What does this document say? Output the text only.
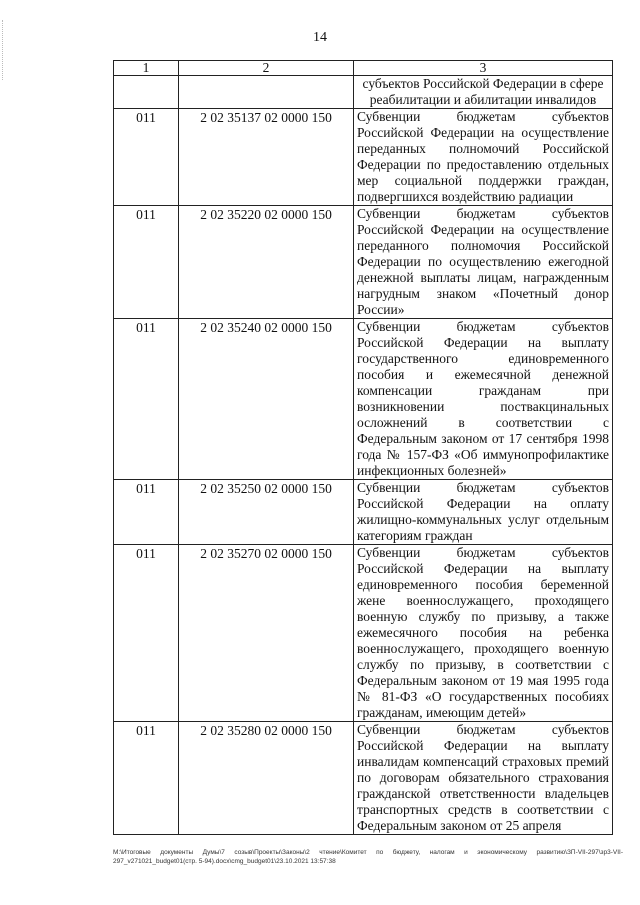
14
1	2	3
		субъектов Российской Федерации в сфере реабилитации и абилитации инвалидов
011	2 02 35137 02 0000 150	Субвенции бюджетам субъектов Российской Федерации на осуществление переданных полномочий Российской Федерации по предоставлению отдельных мер социальной поддержки граждан, подвергшихся воздействию радиации
011	2 02 35220 02 0000 150	Субвенции бюджетам субъектов Российской Федерации на осуществление переданного полномочия Российской Федерации по осуществлению ежегодной денежной выплаты лицам, награжденным нагрудным знаком «Почетный донор России»
011	2 02 35240 02 0000 150	Субвенции бюджетам субъектов Российской Федерации на выплату государственного единовременного пособия и ежемесячной денежной компенсации гражданам при возникновении поствакцинальных осложнений в соответствии с Федеральным законом от 17 сентября 1998 года № 157-ФЗ «Об иммунопрофилактике инфекционных болезней»
011	2 02 35250 02 0000 150	Субвенции бюджетам субъектов Российской Федерации на оплату жилищно-коммунальных услуг отдельным категориям граждан
011	2 02 35270 02 0000 150	Субвенции бюджетам субъектов Российской Федерации на выплату единовременного пособия беременной жене военнослужащего, проходящего военную службу по призыву, а также ежемесячного пособия на ребенка военнослужащего, проходящего военную службу по призыву, в соответствии с Федеральным законом от 19 мая 1995 года № 81-ФЗ «О государственных пособиях гражданам, имеющим детей»
011	2 02 35280 02 0000 150	Субвенции бюджетам субъектов Российской Федерации на выплату инвалидам компенсаций страховых премий по договорам обязательного страхования гражданской ответственности владельцев транспортных средств в соответствии с Федеральным законом от 25 апреля
M:\Итоговые документы Думы\7 созыв\Проекты\Законы\2 чтение\Комитет по бюджету, налогам и экономическому развитию\ЗП-VII-297\зр3-VII-297_v271021_budget01(стр. 5-94).docx\cmg_budget01\23.10.2021 13:57:38
